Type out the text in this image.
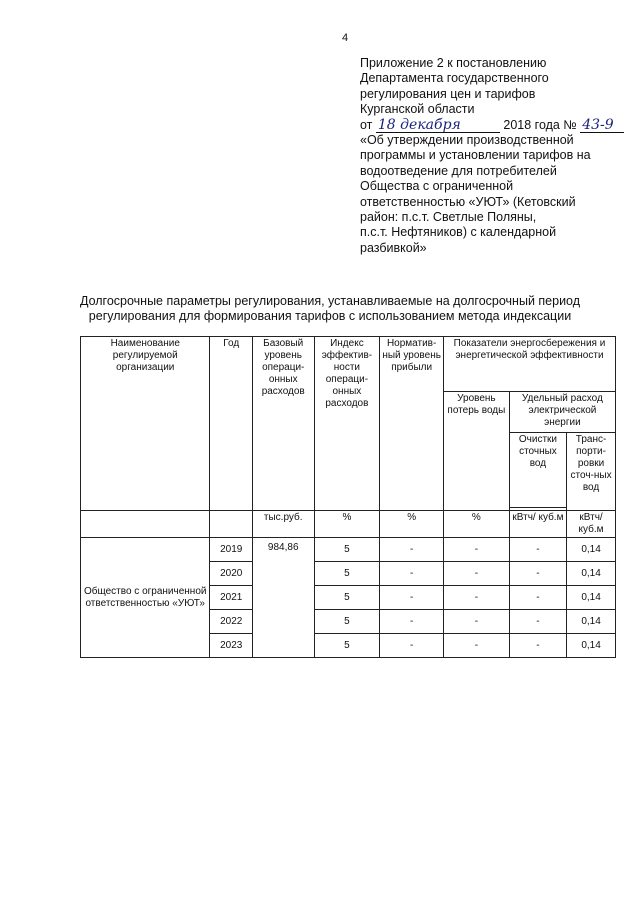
4
Приложение 2 к постановлению
Департамента государственного
регулирования цен и тарифов
Курганской области
от 18 декабря	2018 года № 43-9
«Об утверждении производственной
программы и установлении тарифов на
водоотведение для потребителей
Общества с ограниченной
ответственностью «УЮТ» (Кетовский
район: п.с.т. Светлые Поляны,
п.с.т. Нефтяников) с календарной
разбивкой»
Долгосрочные параметры регулирования, устанавливаемые на долгосрочный период
регулирования для формирования тарифов с использованием метода индексации
Наименование регулируемой организации	Год	Базовый уровень операци-онных расходов	Индекс эффектив-ности операци-онных расходов	Норматив-ный уровень прибыли	Показатели энергосбережения и энергетической эффективности		
					Уровень потерь воды	Удельный расход электрической энергии	
						Очистки сточных вод	Транс-порти-ровки сточ-ных вод

		тыс.руб.	%	%	%	кВтч/ куб.м	кВтч/ куб.м
Общество с ограниченной ответственностью «УЮТ»	2019	984,86	5	-	-	-	0,14
	2020		5	-	-	-	0,14
	2021		5	-	-	-	0,14
	2022		5	-	-	-	0,14
	2023		5	-	-	-	0,14
